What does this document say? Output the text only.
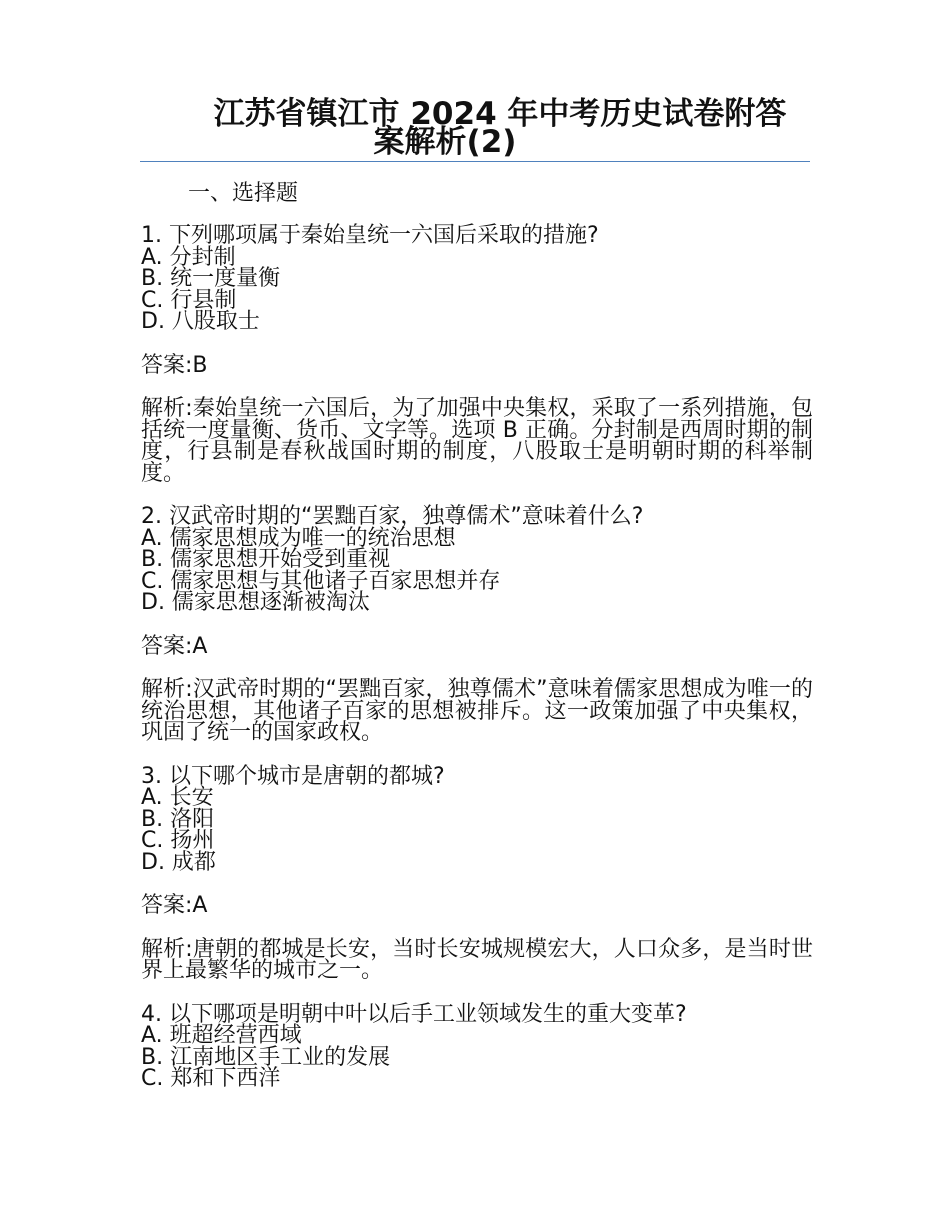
江苏省镇江市 2024 年中考历史试卷附答
案解析(2)
一、选择题
1. 下列哪项属于秦始皇统一六国后采取的措施?
A. 分封制
B. 统一度量衡
C. 行县制
D. 八股取士
答案:B
解析:秦始皇统一六国后，为了加强中央集权，采取了一系列措施，包括统一度量衡、货币、文字等。选项 B 正确。分封制是西周时期的制度，行县制是春秋战国时期的制度，八股取士是明朝时期的科举制度。
2. 汉武帝时期的“罢黜百家，独尊儒术”意味着什么?
A. 儒家思想成为唯一的统治思想
B. 儒家思想开始受到重视
C. 儒家思想与其他诸子百家思想并存
D. 儒家思想逐渐被淘汰
答案:A
解析:汉武帝时期的“罢黜百家，独尊儒术”意味着儒家思想成为唯一的统治思想，其他诸子百家的思想被排斥。这一政策加强了中央集权，巩固了统一的国家政权。
3. 以下哪个城市是唐朝的都城?
A. 长安
B. 洛阳
C. 扬州
D. 成都
答案:A
解析:唐朝的都城是长安，当时长安城规模宏大，人口众多，是当时世界上最繁华的城市之一。
4. 以下哪项是明朝中叶以后手工业领域发生的重大变革?
A. 班超经营西域
B. 江南地区手工业的发展
C. 郑和下西洋
